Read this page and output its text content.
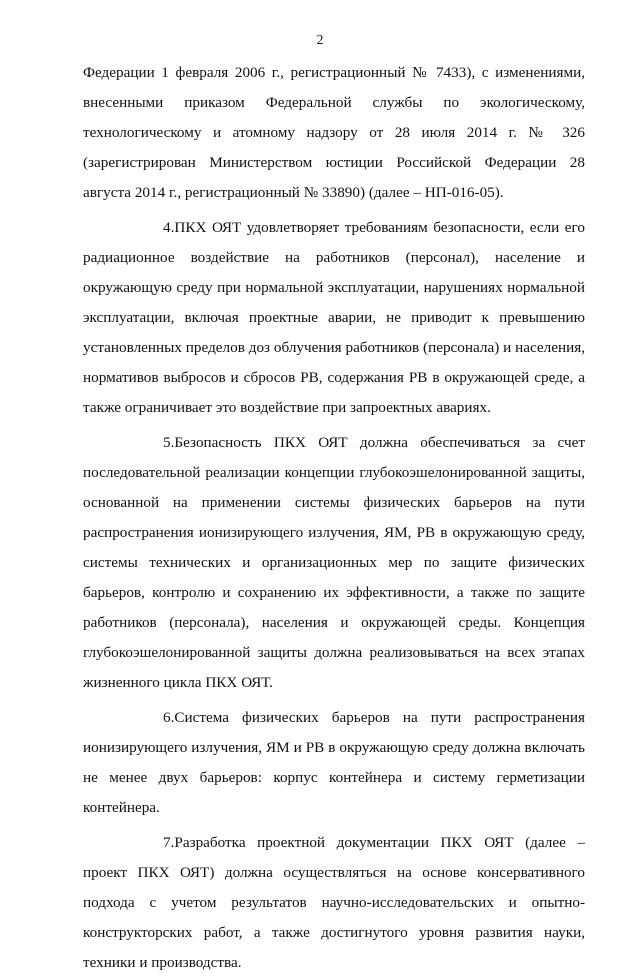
2

Федерации 1 февраля 2006 г., регистрационный № 7433), с изменениями, внесенными приказом Федеральной службы по экологическому, технологическому и атомному надзору от 28 июля 2014 г. № 326 (зарегистрирован Министерством юстиции Российской Федерации 28 августа 2014 г., регистрационный № 33890) (далее – НП-016-05).

4.ПКХ ОЯТ удовлетворяет требованиям безопасности, если его радиационное воздействие на работников (персонал), население и окружающую среду при нормальной эксплуатации, нарушениях нормальной эксплуатации, включая проектные аварии, не приводит к превышению установленных пределов доз облучения работников (персонала) и населения, нормативов выбросов и сбросов РВ, содержания РВ в окружающей среде, а также ограничивает это воздействие при запроектных авариях.

5.Безопасность ПКХ ОЯТ должна обеспечиваться за счет последовательной реализации концепции глубокоэшелонированной защиты, основанной на применении системы физических барьеров на пути распространения ионизирующего излучения, ЯМ, РВ в окружающую среду, системы технических и организационных мер по защите физических барьеров, контролю и сохранению их эффективности, а также по защите работников (персонала), населения и окружающей среды. Концепция глубокоэшелонированной защиты должна реализовываться на всех этапах жизненного цикла ПКХ ОЯТ.

6.Система физических барьеров на пути распространения ионизирующего излучения, ЯМ и РВ в окружающую среду должна включать не менее двух барьеров: корпус контейнера и систему герметизации контейнера.

7.Разработка проектной документации ПКХ ОЯТ (далее – проект ПКХ ОЯТ) должна осуществляться на основе консервативного подхода с учетом результатов научно-исследовательских и опытно-конструкторских работ, а также достигнутого уровня развития науки, техники и производства.
